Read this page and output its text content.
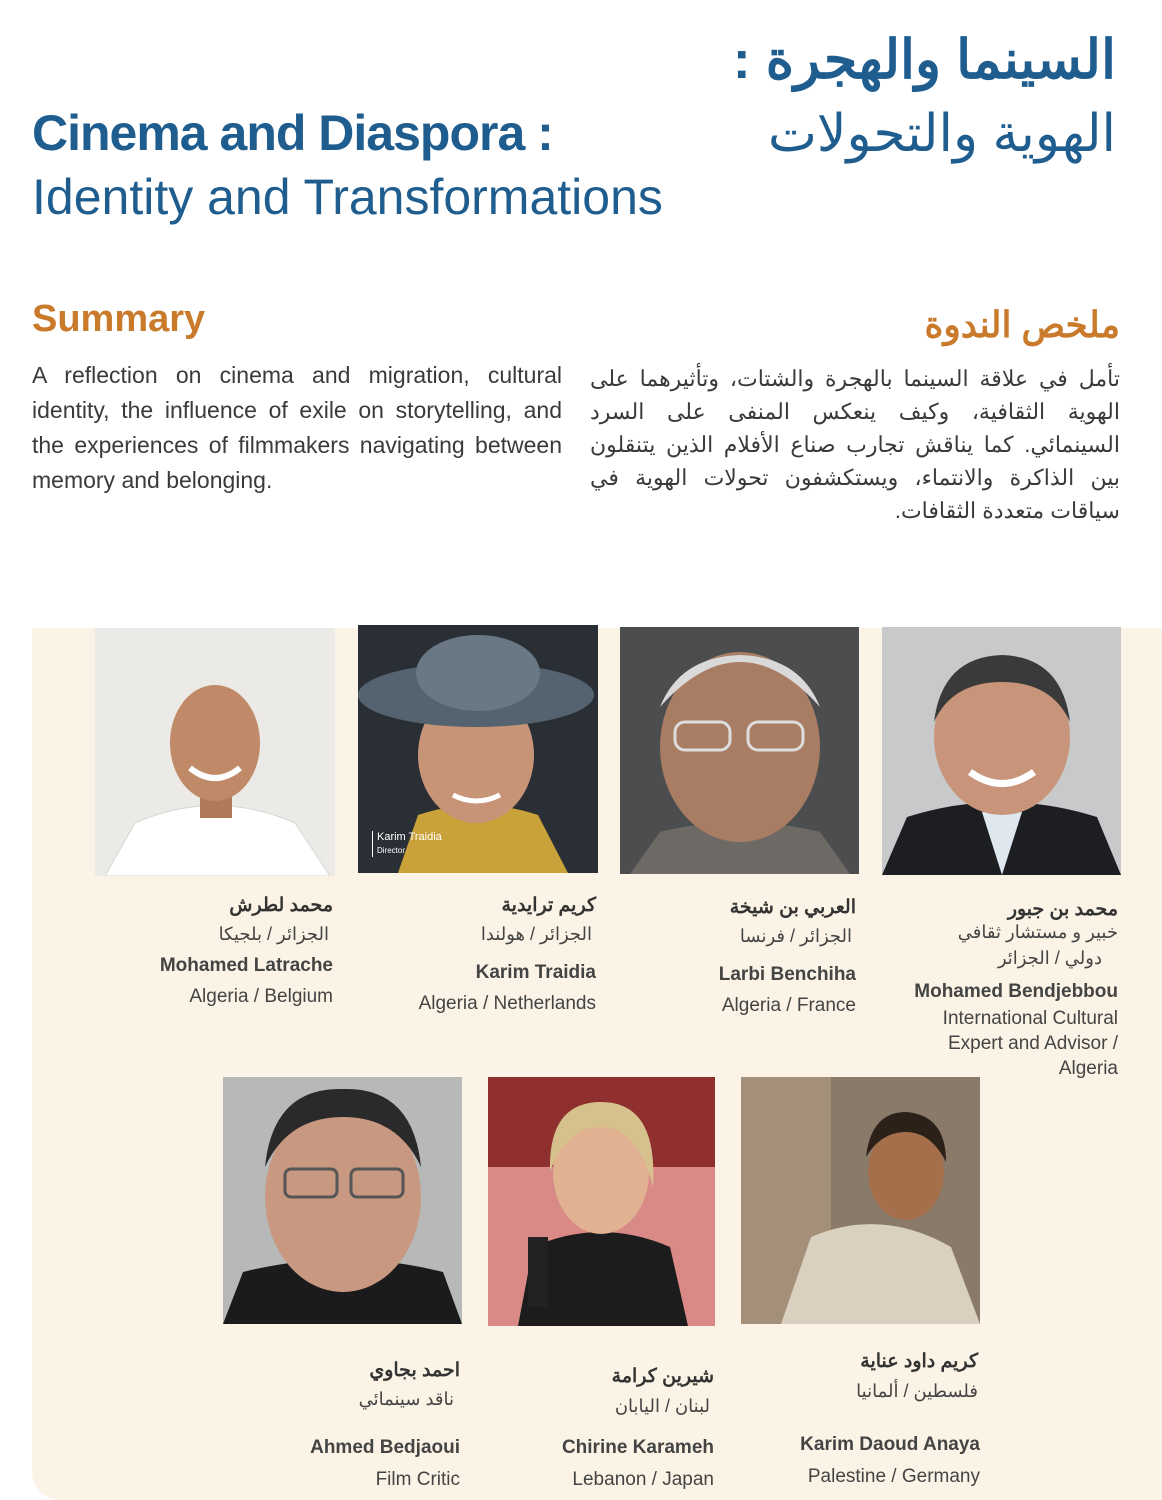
السينما والهجرة :
الهوية والتحولات
Cinema and Diaspora :
Identity and Transformations
Summary	ملخص الندوة
A reflection on cinema and migration, cultural identity, the influence of exile on storytelling, and the experiences of filmmakers navigating between memory and belonging.
تأمل في علاقة السينما بالهجرة والشتات، وتأثيرهما على الهوية الثقافية، وكيف ينعكس المنفى على السرد السينمائي. كما يناقش تجارب صناع الأفلام الذين يتنقلون بين الذاكرة والانتماء، ويستكشفون تحولات الهوية في سياقات متعددة الثقافات.
Karim Traidia
Director
محمد لطرش
الجزائر / بلجيكا
Mohamed Latrache
Algeria / Belgium
كريم ترايدية
الجزائر / هولندا
Karim Traidia
Algeria / Netherlands
العربي بن شيخة
الجزائر / فرنسا
Larbi Benchiha
Algeria / France
محمد بن جبور
خبير و مستشار ثقافي
دولي / الجزائر
Mohamed Bendjebbou
International Cultural
Expert and Advisor /
Algeria
احمد بجاوي
ناقد سينمائي
Ahmed Bedjaoui
Film Critic
شيرين كرامة
لبنان / اليابان
Chirine Karameh
Lebanon / Japan
كريم داود عناية
فلسطين / ألمانيا
Karim Daoud Anaya
Palestine / Germany
